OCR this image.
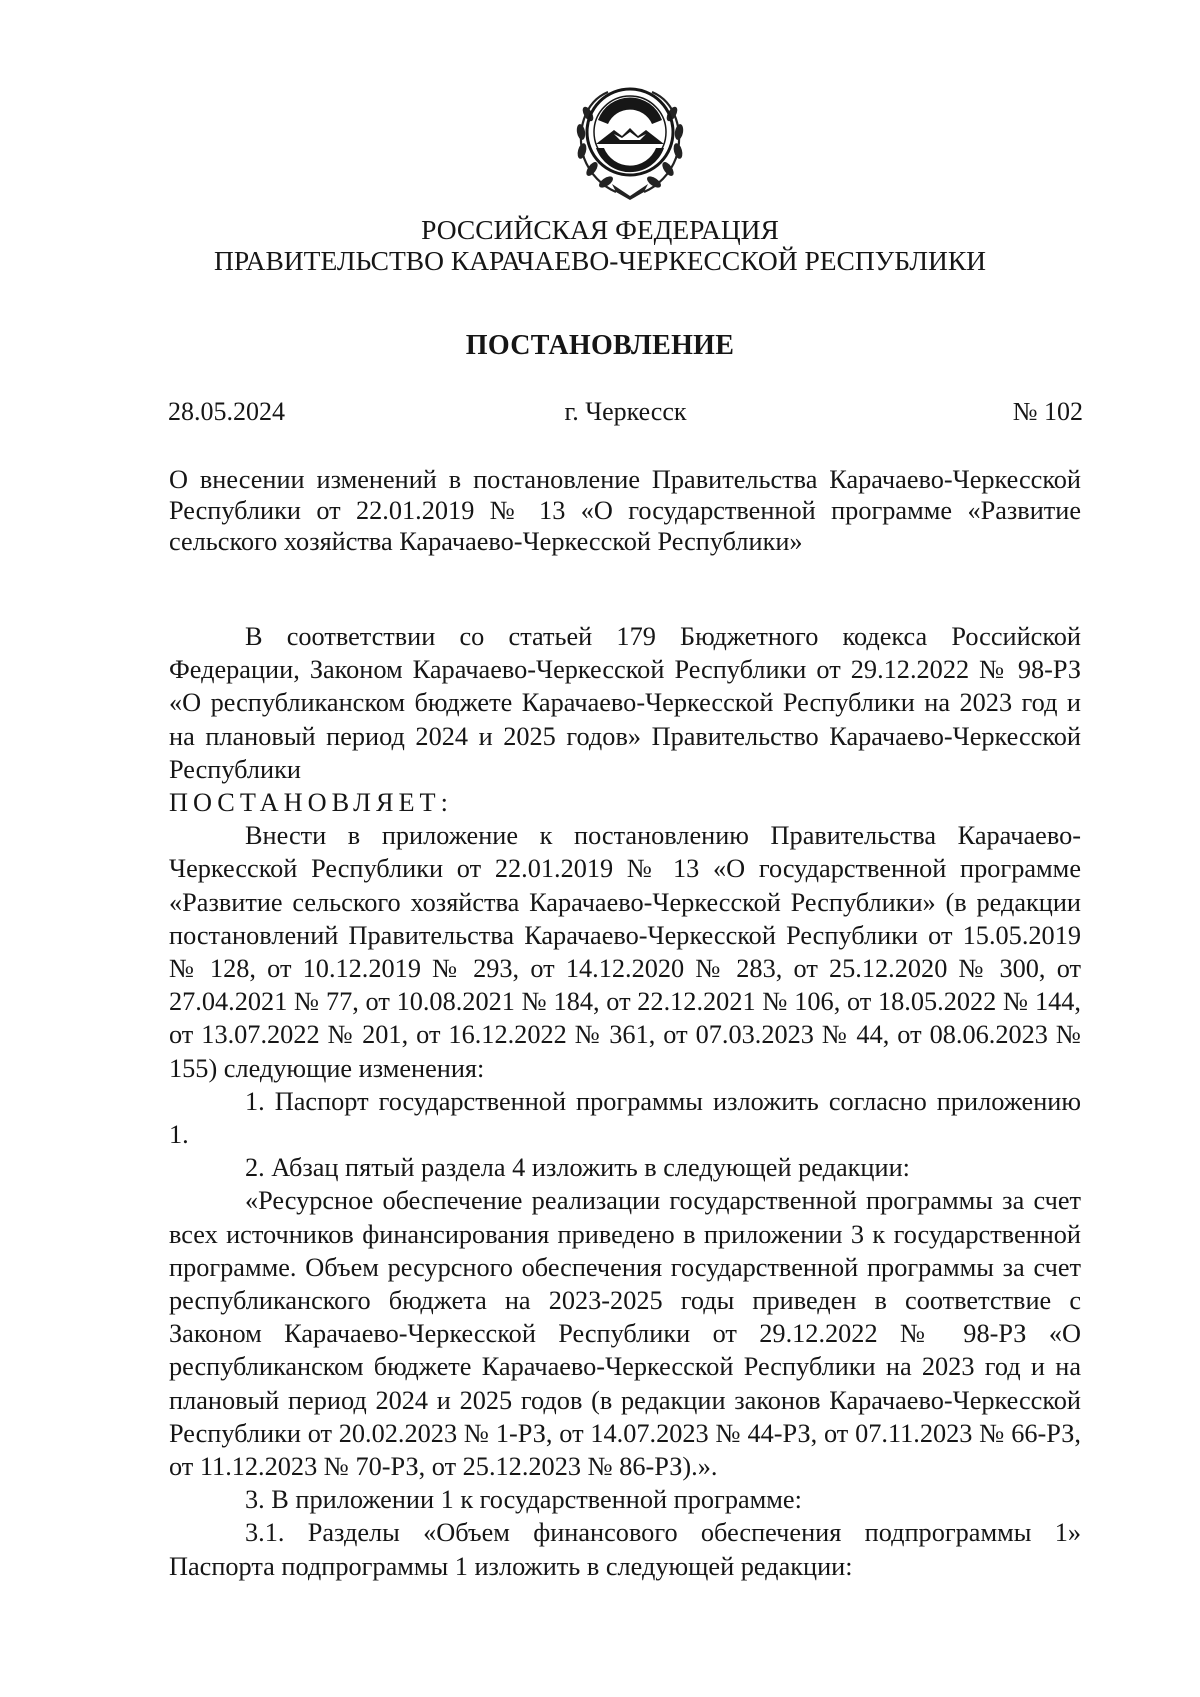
РОССИЙСКАЯ ФЕДЕРАЦИЯ
ПРАВИТЕЛЬСТВО КАРАЧАЕВО-ЧЕРКЕССКОЙ РЕСПУБЛИКИ
ПОСТАНОВЛЕНИЕ
г. Черкесск
28.05.2024	№ 102
О внесении изменений в постановление Правительства Карачаево-Черкесской Республики от 22.01.2019 № 13 «О государственной программе «Развитие сельского хозяйства Карачаево-Черкесской Республики»

В соответствии со статьей 179 Бюджетного кодекса Российской Федерации, Законом Карачаево-Черкесской Республики от 29.12.2022 № 98-РЗ «О республиканском бюджете Карачаево-Черкесской Республики на 2023 год и на плановый период 2024 и 2025 годов» Правительство Карачаево-Черкесской Республики

ПОСТАНОВЛЯЕТ:

Внести в приложение к постановлению Правительства Карачаево-Черкесской Республики от 22.01.2019 № 13 «О государственной программе «Развитие сельского хозяйства Карачаево-Черкесской Республики» (в редакции постановлений Правительства Карачаево-Черкесской Республики от 15.05.2019 № 128, от 10.12.2019 № 293, от 14.12.2020 № 283, от 25.12.2020 № 300, от 27.04.2021 № 77, от 10.08.2021 № 184, от 22.12.2021 № 106, от 18.05.2022 № 144, от 13.07.2022 № 201, от 16.12.2022 № 361, от 07.03.2023 № 44, от 08.06.2023 № 155) следующие изменения:

1. Паспорт государственной программы изложить согласно приложению 1.

2. Абзац пятый раздела 4 изложить в следующей редакции:

«Ресурсное обеспечение реализации государственной программы за счет всех источников финансирования приведено в приложении 3 к государственной программе. Объем ресурсного обеспечения государственной программы за счет республиканского бюджета на 2023-2025 годы приведен в соответствие с Законом Карачаево-Черкесской Республики от 29.12.2022 № 98-РЗ «О республиканском бюджете Карачаево-Черкесской Республики на 2023 год и на плановый период 2024 и 2025 годов (в редакции законов Карачаево-Черкесской Республики от 20.02.2023 № 1-РЗ, от 14.07.2023 № 44-РЗ, от 07.11.2023 № 66-РЗ, от 11.12.2023 № 70-РЗ, от 25.12.2023 № 86-РЗ).».

3. В приложении 1 к государственной программе:

3.1. Разделы «Объем финансового обеспечения подпрограммы 1» Паспорта подпрограммы 1 изложить в следующей редакции:
